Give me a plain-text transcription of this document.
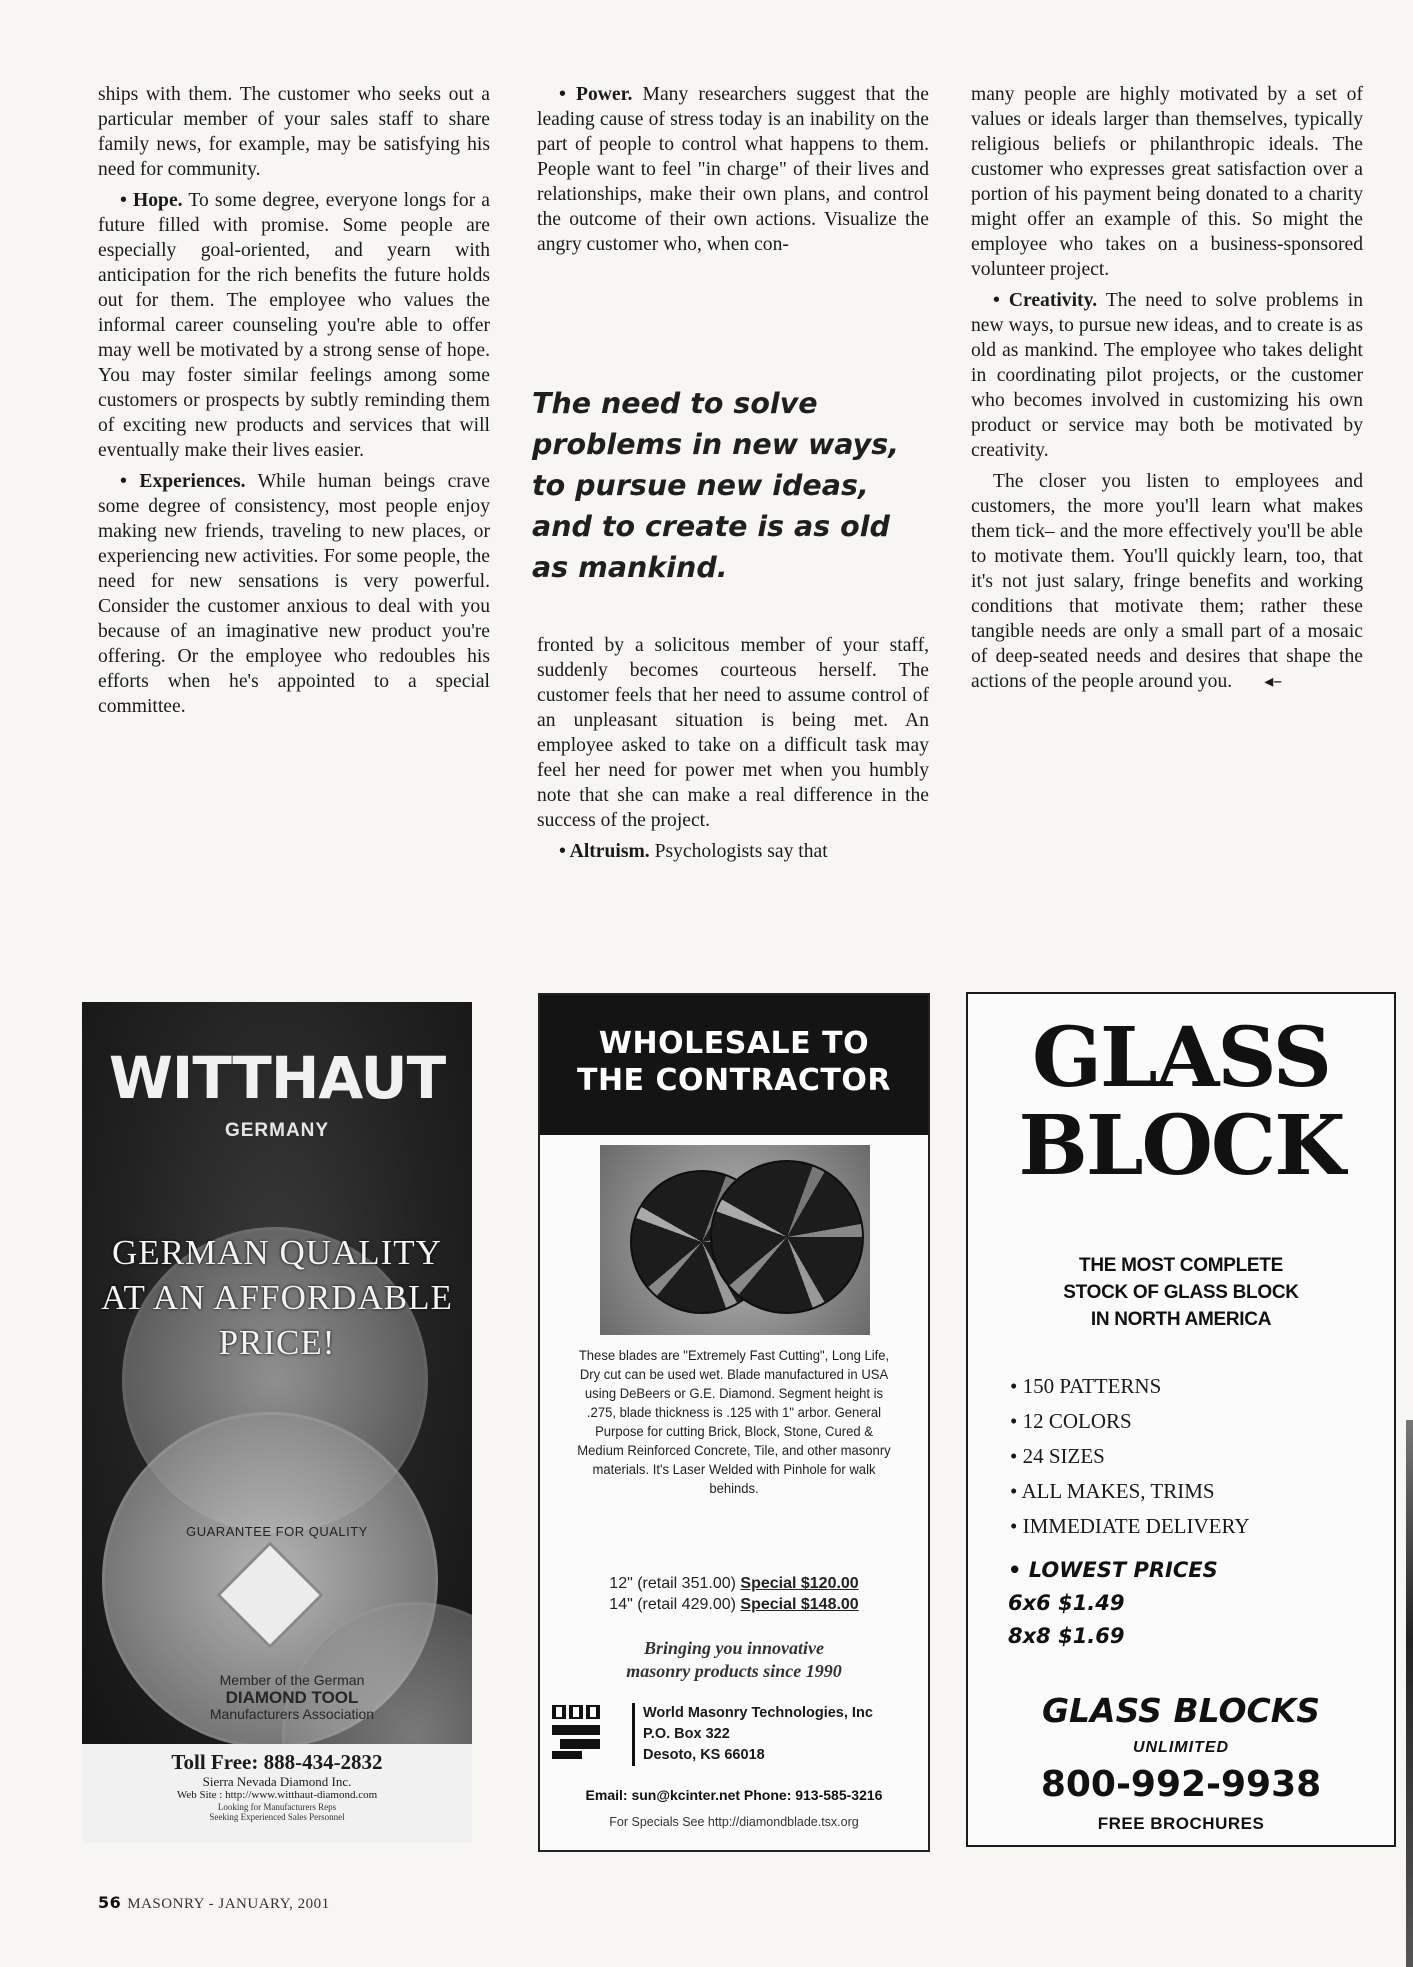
ships with them. The customer who seeks out a particular member of your sales staff to share family news, for example, may be satisfying his need for community.

• Hope. To some degree, everyone longs for a future filled with promise. Some people are especially goal-oriented, and yearn with anticipation for the rich benefits the future holds out for them. The employee who values the informal career counseling you're able to offer may well be motivated by a strong sense of hope. You may foster similar feelings among some customers or prospects by subtly reminding them of exciting new products and services that will eventually make their lives easier.

• Experiences. While human beings crave some degree of consistency, most people enjoy making new friends, traveling to new places, or experiencing new activities. For some people, the need for new sensations is very powerful. Consider the customer anxious to deal with you because of an imaginative new product you're offering. Or the employee who redoubles his efforts when he's appointed to a special committee.

• Power. Many researchers suggest that the leading cause of stress today is an inability on the part of people to control what happens to them. People want to feel "in charge" of their lives and relationships, make their own plans, and control the outcome of their own actions. Visualize the angry customer who, when con-

The need to solve problems in new ways, to pursue new ideas, and to create is as old as mankind.

fronted by a solicitous member of your staff, suddenly becomes courteous herself. The customer feels that her need to assume control of an unpleasant situation is being met. An employee asked to take on a difficult task may feel her need for power met when you humbly note that she can make a real difference in the success of the project.

• Altruism. Psychologists say that

many people are highly motivated by a set of values or ideals larger than themselves, typically religious beliefs or philanthropic ideals. The customer who expresses great satisfaction over a portion of his payment being donated to a charity might offer an example of this. So might the employee who takes on a business-sponsored volunteer project.

• Creativity. The need to solve problems in new ways, to pursue new ideas, and to create is as old as mankind. The employee who takes delight in coordinating pilot projects, or the customer who becomes involved in customizing his own product or service may both be motivated by creativity.

The closer you listen to employees and customers, the more you'll learn what makes them tick– and the more effectively you'll be able to motivate them. You'll quickly learn, too, that it's not just salary, fringe benefits and working conditions that motivate them; rather these tangible needs are only a small part of a mosaic of deep-seated needs and desires that shape the actions of the people around you. ◂–

WITTHAUT
GERMANY
GERMAN QUALITY AT AN AFFORDABLE PRICE!
GUARANTEE FOR QUALITY
Member of the German
DIAMOND TOOL
Manufacturers Association
Toll Free: 888-434-2832
Sierra Nevada Diamond Inc.
Web Site : http://www.witthaut-diamond.com
Looking for Manufacturers Reps
Seeking Experienced Sales Personnel
WHOLESALE TO
THE CONTRACTOR
These blades are "Extremely Fast Cutting", Long Life, Dry cut can be used wet. Blade manufactured in USA using DeBeers or G.E. Diamond. Segment height is .275, blade thickness is .125 with 1" arbor. General Purpose for cutting Brick, Block, Stone, Cured & Medium Reinforced Concrete, Tile, and other masonry materials. It's Laser Welded with Pinhole for walk behinds.
12" (retail 351.00) Special $120.00
14" (retail 429.00) Special $148.00
Bringing you innovative
masonry products since 1990
World Masonry Technologies, Inc
P.O. Box 322
Desoto, KS 66018
Email: sun@kcinter.net Phone: 913-585-3216
For Specials See http://diamondblade.tsx.org
GLASS
BLOCK
THE MOST COMPLETE
STOCK OF GLASS BLOCK
IN NORTH AMERICA
• 150 PATTERNS
• 12 COLORS
• 24 SIZES
• ALL MAKES, TRIMS
• IMMEDIATE DELIVERY
• LOWEST PRICES
6x6 $1.49
8x8 $1.69
GLASS BLOCKS
UNLIMITED
800-992-9938
FREE BROCHURES
56 MASONRY - JANUARY, 2001
